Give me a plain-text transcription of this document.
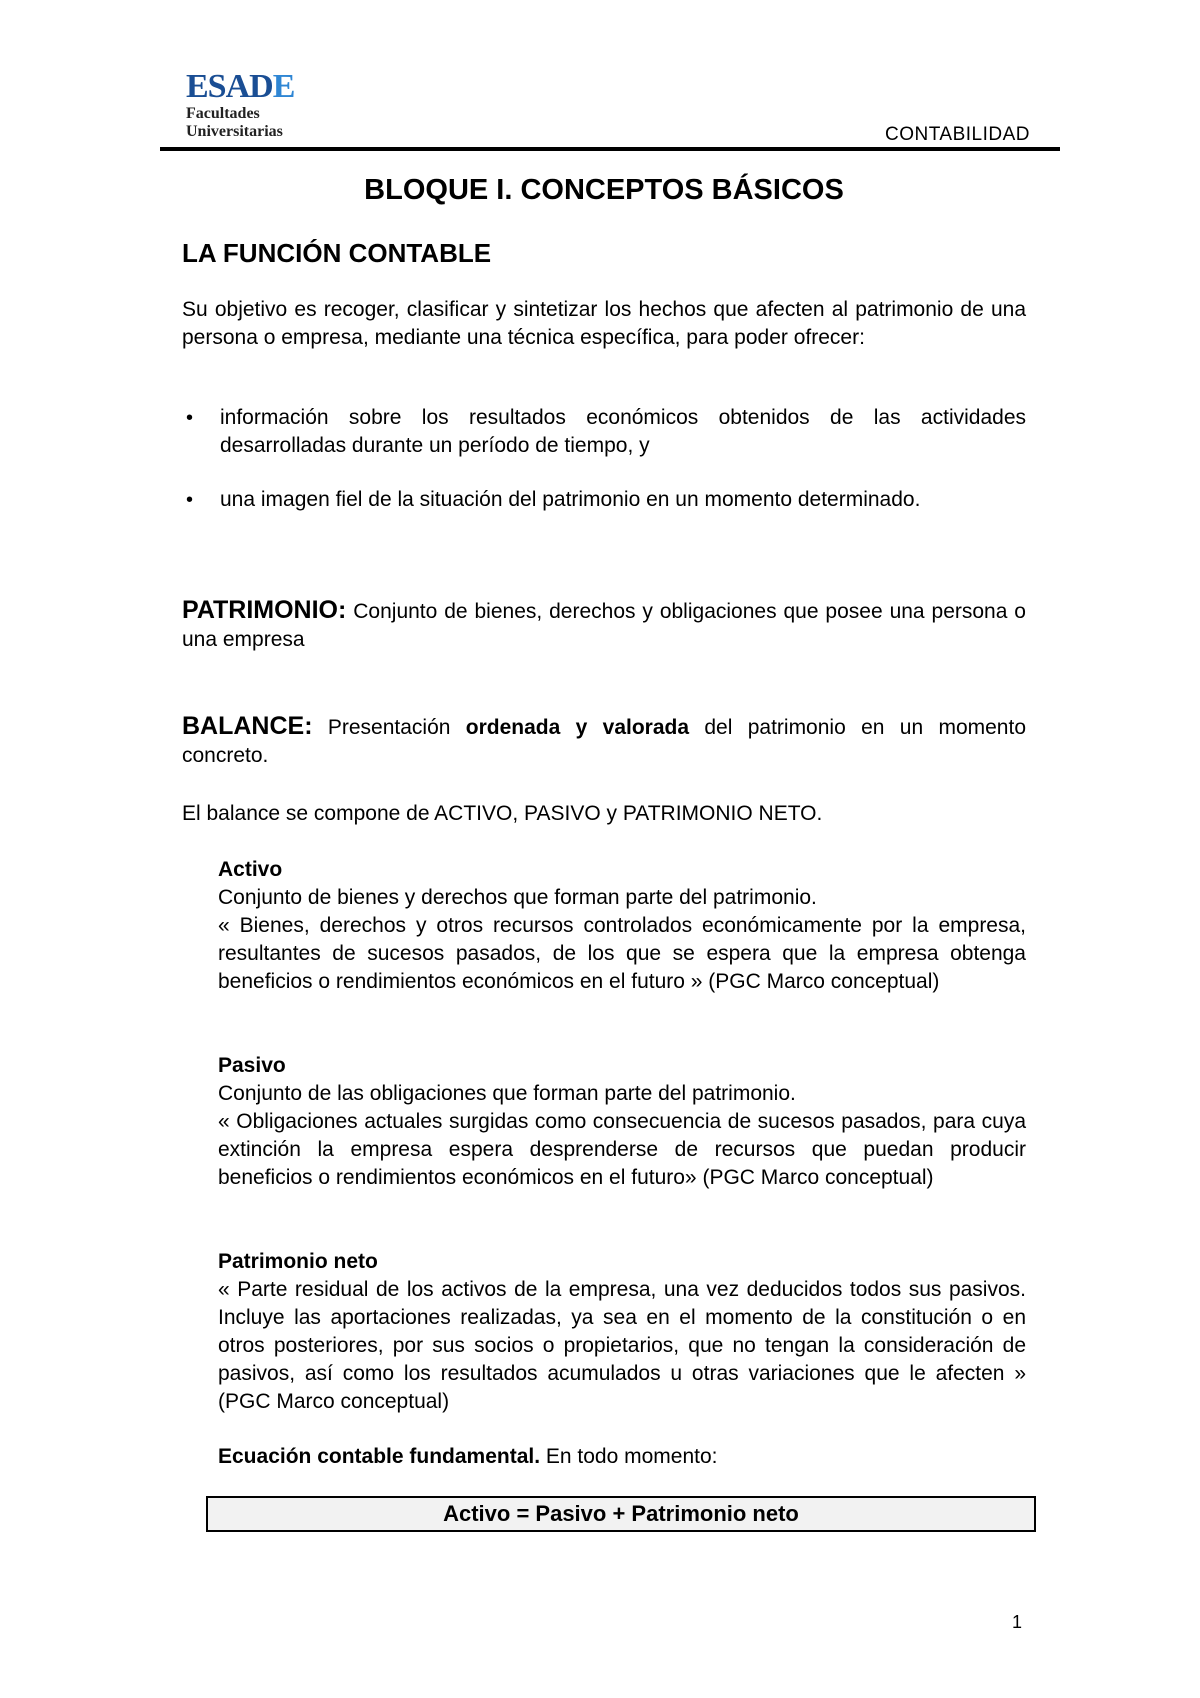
ESADE
Facultades
Universitarias	CONTABILIDAD
BLOQUE I. CONCEPTOS BÁSICOS
LA FUNCIÓN CONTABLE

Su objetivo es recoger, clasificar y sintetizar los hechos que afecten al patrimonio de una persona o empresa, mediante una técnica específica, para poder ofrecer:

• información sobre los resultados económicos obtenidos de las actividades desarrolladas durante un período de tiempo, y
• una imagen fiel de la situación del patrimonio en un momento determinado.

PATRIMONIO: Conjunto de bienes, derechos y obligaciones que posee una persona o una empresa

BALANCE: Presentación ordenada y valorada del patrimonio en un momento concreto.

El balance se compone de ACTIVO, PASIVO y PATRIMONIO NETO.

Activo

Conjunto de bienes y derechos que forman parte del patrimonio.

« Bienes, derechos y otros recursos controlados económicamente por la empresa, resultantes de sucesos pasados, de los que se espera que la empresa obtenga beneficios o rendimientos económicos en el futuro » (PGC Marco conceptual)

Pasivo

Conjunto de las obligaciones que forman parte del patrimonio.

« Obligaciones actuales surgidas como consecuencia de sucesos pasados, para cuya extinción la empresa espera desprenderse de recursos que puedan producir beneficios o rendimientos económicos en el futuro» (PGC Marco conceptual)

Patrimonio neto

« Parte residual de los activos de la empresa, una vez deducidos todos sus pasivos. Incluye las aportaciones realizadas, ya sea en el momento de la constitución o en otros posteriores, por sus socios o propietarios, que no tengan la consideración de pasivos, así como los resultados acumulados u otras variaciones que le afecten » (PGC Marco conceptual)

Ecuación contable fundamental. En todo momento:

Activo = Pasivo + Patrimonio neto
1
